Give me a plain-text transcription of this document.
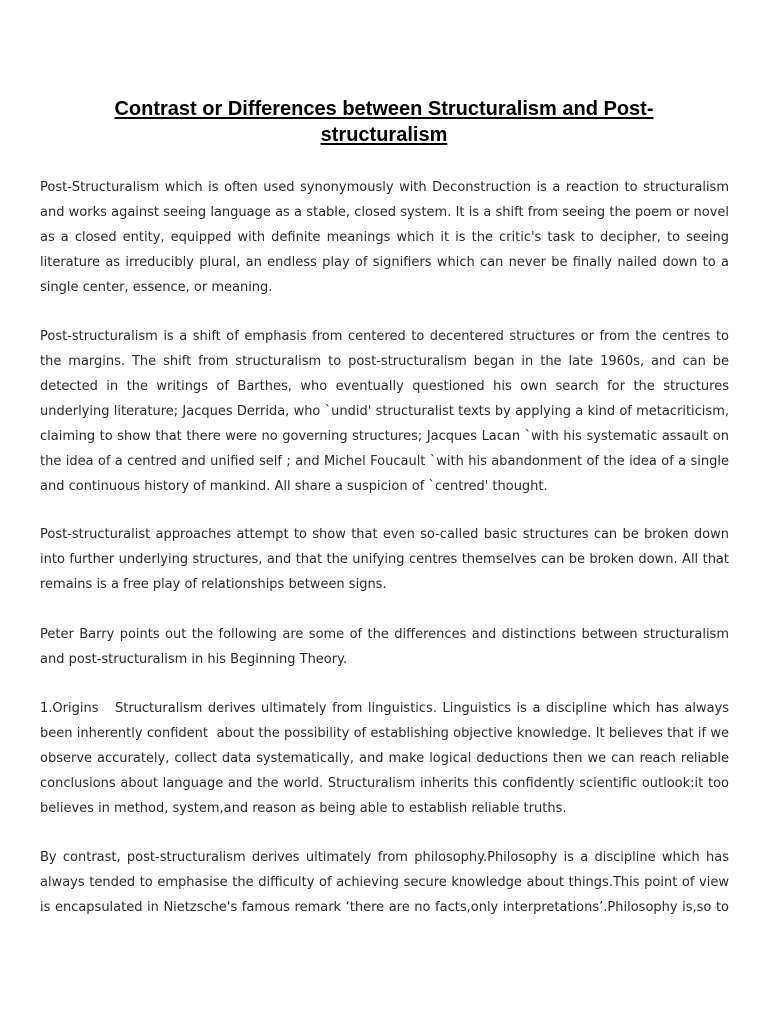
Contrast or Differences between Structuralism and Post-structuralism

Post-Structuralism which is often used synonymously with Deconstruction is a reaction to structuralism and works against seeing language as a stable, closed system. It is a shift from seeing the poem or novel as a closed entity, equipped with definite meanings which it is the critic's task to decipher, to seeing literature as irreducibly plural, an endless play of signifiers which can never be finally nailed down to a single center, essence, or meaning.

Post-structuralism is a shift of emphasis from centered to decentered structures or from the centres to the margins. The shift from structuralism to post-structuralism began in the late 1960s, and can be detected in the writings of Barthes, who eventually questioned his own search for the structures underlying literature; Jacques Derrida, who `undid' structuralist texts by applying a kind of metacriticism, claiming to show that there were no governing structures; Jacques Lacan `with his systematic assault on the idea of a centred and unified self ; and Michel Foucault `with his abandonment of the idea of a single and continuous history of mankind. All share a suspicion of `centred' thought.

Post-structuralist approaches attempt to show that even so-called basic structures can be broken down into further underlying structures, and that the unifying centres themselves can be broken down. All that remains is a free play of relationships between signs.

Peter Barry points out the following are some of the differences and distinctions between structuralism and post-structuralism in his Beginning Theory.

1.Origins   Structuralism derives ultimately from linguistics. Linguistics is a discipline which has always been inherently confident  about the possibility of establishing objective knowledge. It believes that if we observe accurately, collect data systematically, and make logical deductions then we can reach reliable conclusions about language and the world. Structuralism inherits this confidently scientific outlook:it too believes in method, system,and reason as being able to establish reliable truths.

By contrast, post-structuralism derives ultimately from philosophy.Philosophy is a discipline which has always tended to emphasise the difficulty of achieving secure knowledge about things.This point of view is encapsulated in Nietzsche's famous remark ‘there are no facts,only interpretations’.Philosophy is,so to
